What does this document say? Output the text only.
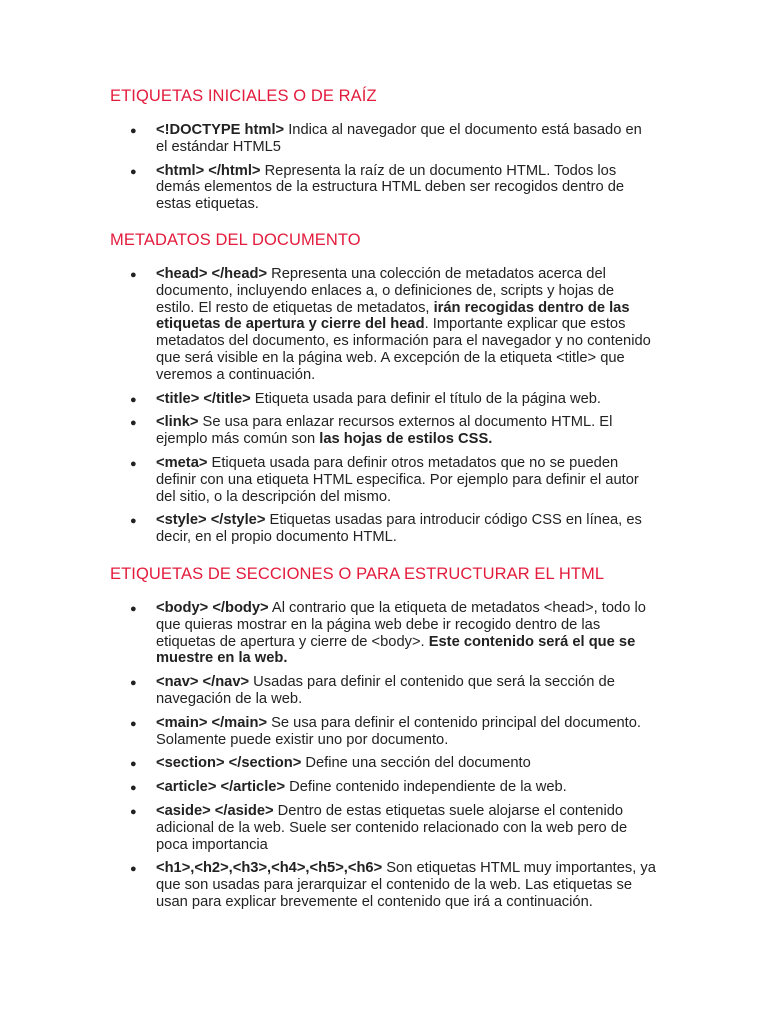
ETIQUETAS INICIALES O DE RAÍZ
● <!DOCTYPE html> Indica al navegador que el documento está basado en el estándar HTML5
● <html> </html> Representa la raíz de un documento HTML. Todos los demás elementos de la estructura HTML deben ser recogidos dentro de estas etiquetas.
METADATOS DEL DOCUMENTO
● <head> </head> Representa una colección de metadatos acerca del documento, incluyendo enlaces a, o definiciones de, scripts y hojas de estilo. El resto de etiquetas de metadatos, irán recogidas dentro de las etiquetas de apertura y cierre del head. Importante explicar que estos metadatos del documento, es información para el navegador y no contenido que será visible en la página web. A excepción de la etiqueta <title> que veremos a continuación.
● <title> </title> Etiqueta usada para definir el título de la página web.
● <link> Se usa para enlazar recursos externos al documento HTML. El ejemplo más común son las hojas de estilos CSS.
● <meta> Etiqueta usada para definir otros metadatos que no se pueden definir con una etiqueta HTML especifica. Por ejemplo para definir el autor del sitio, o la descripción del mismo.
● <style> </style> Etiquetas usadas para introducir código CSS en línea, es decir, en el propio documento HTML.
ETIQUETAS DE SECCIONES O PARA ESTRUCTURAR EL HTML
● <body> </body> Al contrario que la etiqueta de metadatos <head>, todo lo que quieras mostrar en la página web debe ir recogido dentro de las etiquetas de apertura y cierre de <body>. Este contenido será el que se muestre en la web.
● <nav> </nav> Usadas para definir el contenido que será la sección de navegación de la web.
● <main> </main> Se usa para definir el contenido principal del documento. Solamente puede existir uno por documento.
● <section> </section> Define una sección del documento
● <article> </article> Define contenido independiente de la web.
● <aside> </aside> Dentro de estas etiquetas suele alojarse el contenido adicional de la web. Suele ser contenido relacionado con la web pero de poca importancia
● <h1>,<h2>,<h3>,<h4>,<h5>,<h6> Son etiquetas HTML muy importantes, ya que son usadas para jerarquizar el contenido de la web. Las etiquetas se usan para explicar brevemente el contenido que irá a continuación.
